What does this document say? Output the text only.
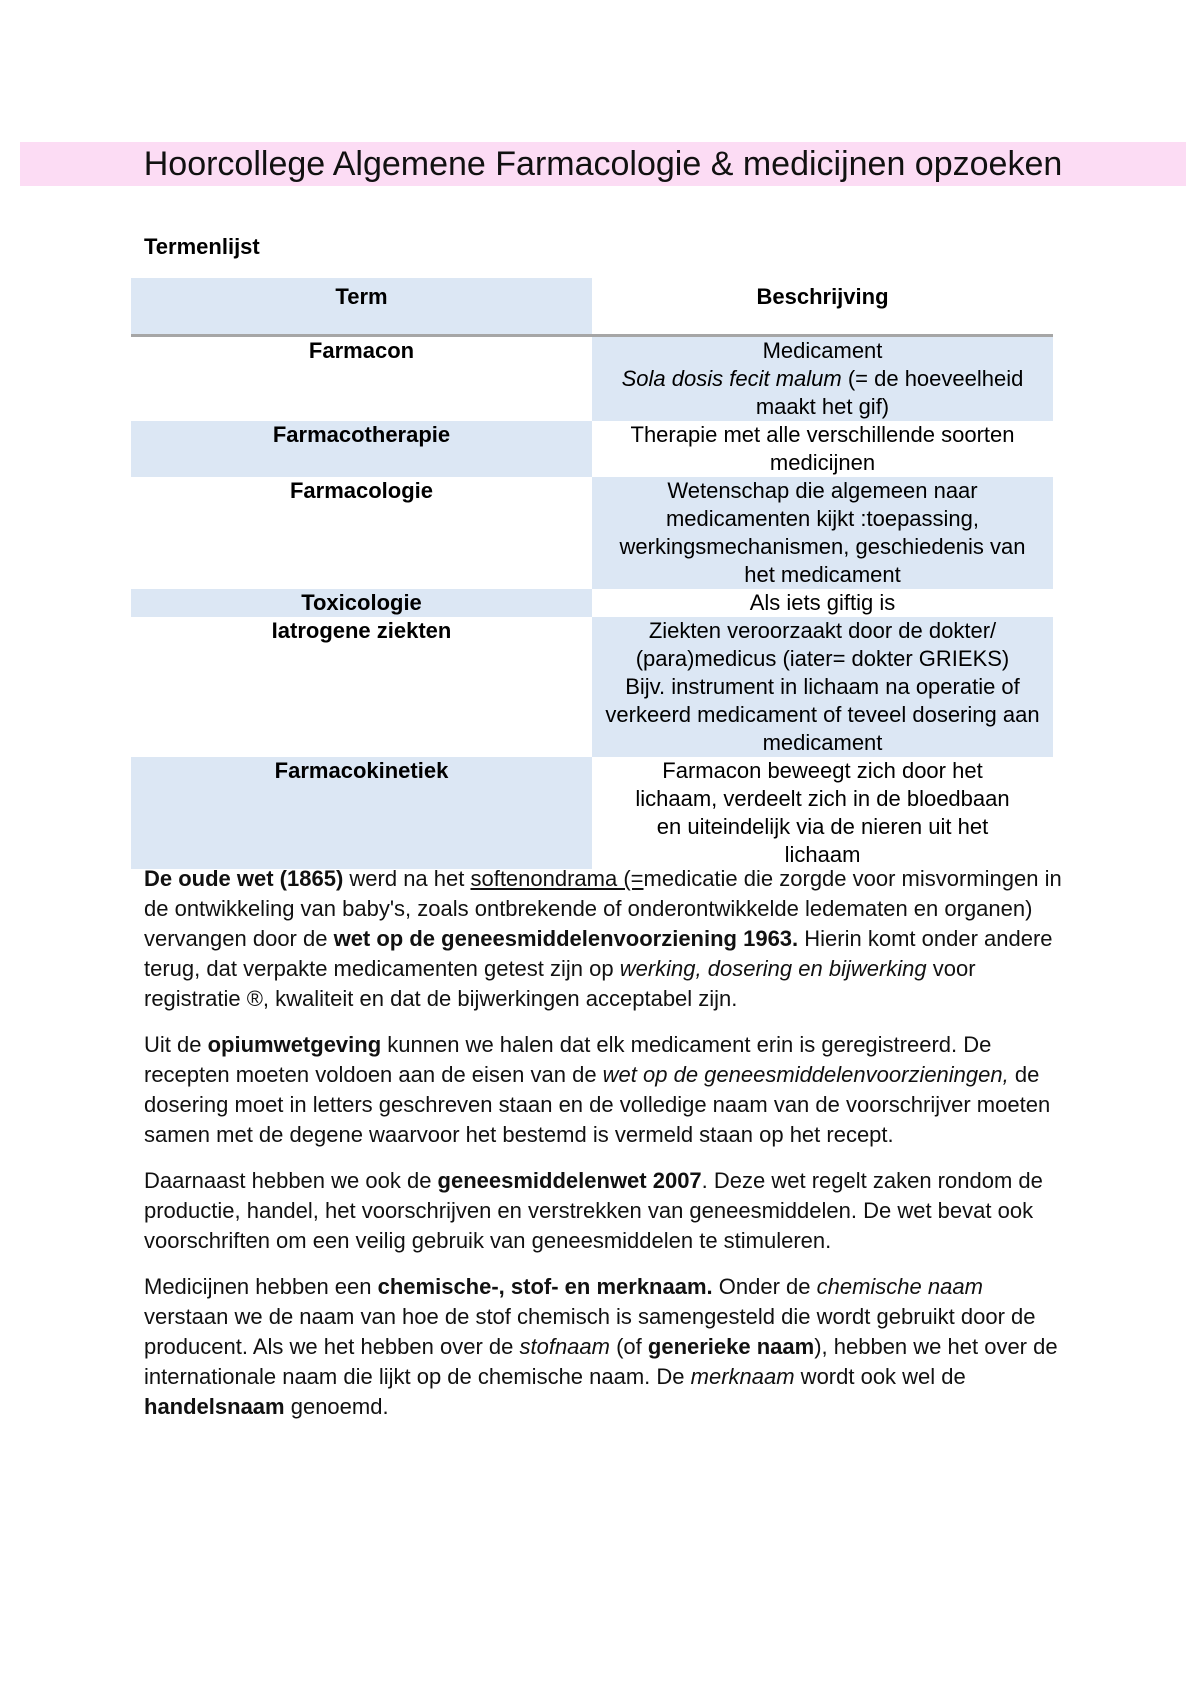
Hoorcollege Algemene Farmacologie & medicijnen opzoeken
Termenlijst
Term	Beschrijving
Farmacon	Medicament
Sola dosis fecit malum (= de hoeveelheid maakt het gif)
Farmacotherapie	Therapie met alle verschillende soorten medicijnen
Farmacologie	Wetenschap die algemeen naar medicamenten kijkt :toepassing, werkingsmechanismen, geschiedenis van het medicament
Toxicologie	Als iets giftig is
Iatrogene ziekten	Ziekten veroorzaakt door de dokter/ (para)medicus (iater= dokter GRIEKS)
Bijv. instrument in lichaam na operatie of verkeerd medicament of teveel dosering aan medicament

Farmacokinetiek	Farmacon beweegt zich door het lichaam, verdeelt zich in de bloedbaan en uiteindelijk via de nieren uit het lichaam

De oude wet (1865) werd na het softenondrama (=medicatie die zorgde voor misvormingen in de ontwikkeling van baby's, zoals ontbrekende of onderontwikkelde ledematen en organen) vervangen door de wet op de geneesmiddelenvoorziening 1963. Hierin komt onder andere terug, dat verpakte medicamenten getest zijn op werking, dosering en bijwerking voor registratie ®, kwaliteit en dat de bijwerkingen acceptabel zijn.

Uit de opiumwetgeving kunnen we halen dat elk medicament erin is geregistreerd. De recepten moeten voldoen aan de eisen van de wet op de geneesmiddelenvoorzieningen, de dosering moet in letters geschreven staan en de volledige naam van de voorschrijver moeten samen met de degene waarvoor het bestemd is vermeld staan op het recept.

Daarnaast hebben we ook de geneesmiddelenwet 2007. Deze wet regelt zaken rondom de productie, handel, het voorschrijven en verstrekken van geneesmiddelen. De wet bevat ook voorschriften om een veilig gebruik van geneesmiddelen te stimuleren.

Medicijnen hebben een chemische-, stof- en merknaam. Onder de chemische naam verstaan we de naam van hoe de stof chemisch is samengesteld die wordt gebruikt door de producent. Als we het hebben over de stofnaam (of generieke naam), hebben we het over de internationale naam die lijkt op de chemische naam. De merknaam wordt ook wel de handelsnaam genoemd.
